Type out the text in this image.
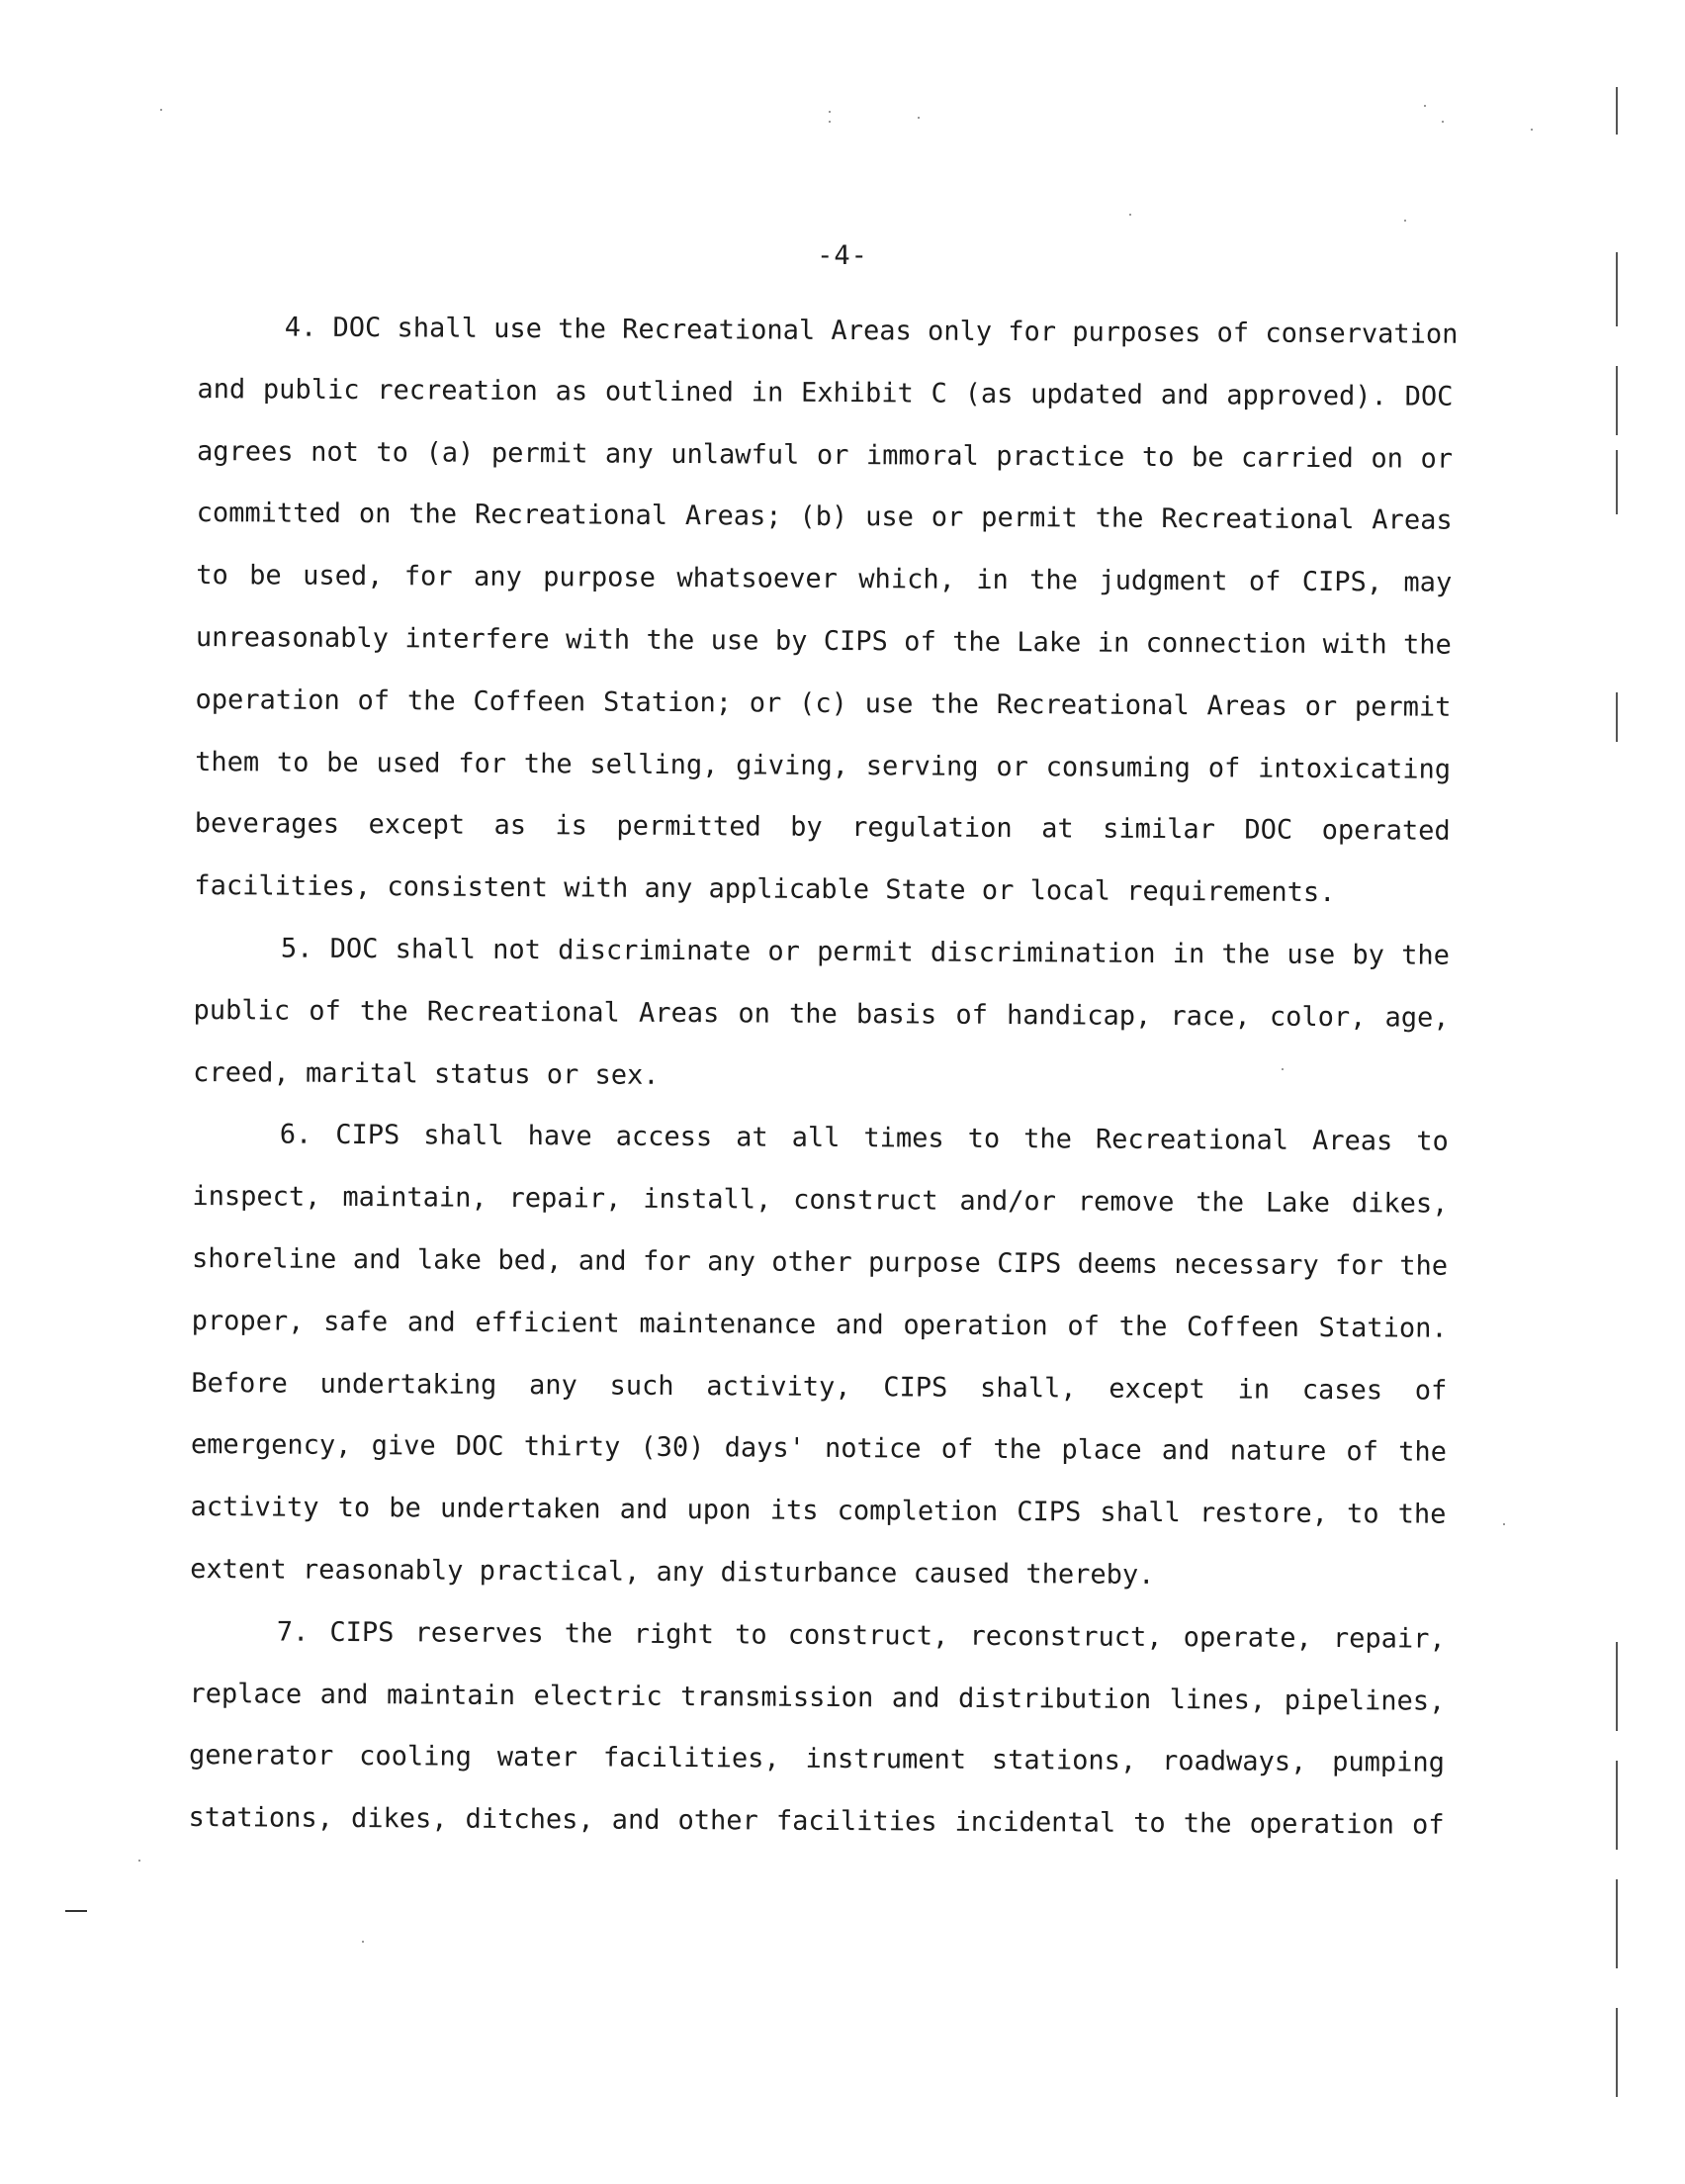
-4-
4. DOC shall use the Recreational Areas only for purposes of conservation
and public recreation as outlined in Exhibit C (as updated and approved). DOC
agrees not to (a) permit any unlawful or immoral practice to be carried on or
committed on the Recreational Areas; (b) use or permit the Recreational Areas
to be used, for any purpose whatsoever which, in the judgment of CIPS, may
unreasonably interfere with the use by CIPS of the Lake in connection with the
operation of the Coffeen Station; or (c) use the Recreational Areas or permit
them to be used for the selling, giving, serving or consuming of intoxicating
beverages except as is permitted by regulation at similar DOC operated
facilities, consistent with any applicable State or local requirements.
5. DOC shall not discriminate or permit discrimination in the use by the
public of the Recreational Areas on the basis of handicap, race, color, age,
creed, marital status or sex.
6. CIPS shall have access at all times to the Recreational Areas to
inspect, maintain, repair, install, construct and/or remove the Lake dikes,
shoreline and lake bed, and for any other purpose CIPS deems necessary for the
proper, safe and efficient maintenance and operation of the Coffeen Station.
Before undertaking any such activity, CIPS shall, except in cases of
emergency, give DOC thirty (30) days' notice of the place and nature of the
activity to be undertaken and upon its completion CIPS shall restore, to the
extent reasonably practical, any disturbance caused thereby.
7. CIPS reserves the right to construct, reconstruct, operate, repair,
replace and maintain electric transmission and distribution lines, pipelines,
generator cooling water facilities, instrument stations, roadways, pumping
stations, dikes, ditches, and other facilities incidental to the operation of
